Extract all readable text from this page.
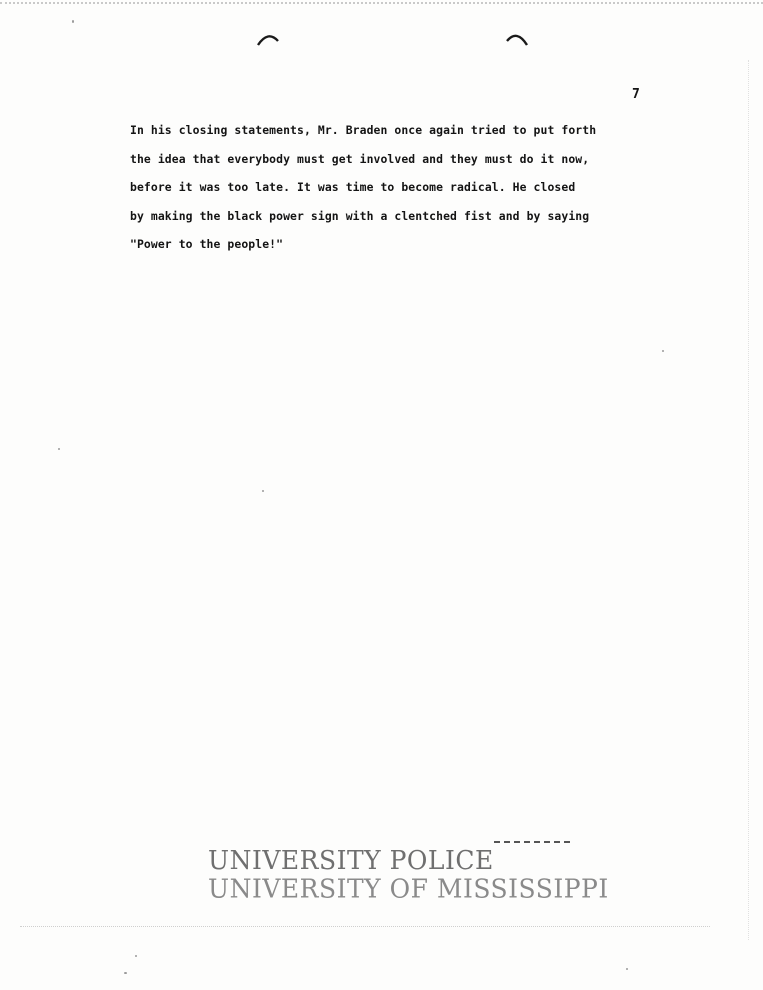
7
In his closing statements, Mr. Braden once again tried to put forth
the idea that everybody must get involved and they must do it now,
before it was too late. It was time to become radical. He closed
by making the black power sign with a clentched fist and by saying
"Power to the people!"
UNIVERSITY POLICE
UNIVERSITY OF MISSISSIPPI
